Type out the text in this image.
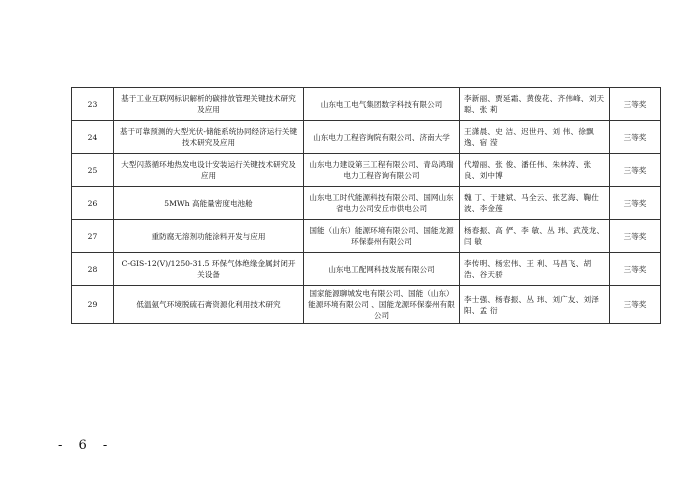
23	基于工业互联网标识解析的碳排放管理关键技术研究及应用	山东电工电气集团数字科技有限公司	李新丽、贾延霜、黄俊花、齐伟峰、刘天聪、张 莉	三等奖
24	基于可靠预测的大型光伏-储能系统协同经济运行关键技术研究及应用	山东电力工程咨询院有限公司、济南大学	王潇晨、史 洁、迟世丹、刘 伟、徐飘逸、宿 滢	三等奖
25	大型闪蒸循环地热发电设计安装运行关键技术研究及应用	山东电力建设第三工程有限公司、青岛鸿瑞电力工程咨询有限公司	代增丽、张 俊、潘任伟、朱林涛、张 良、刘中博	三等奖
26	5MWh 高能量密度电池舱	山东电工时代能源科技有限公司、国网山东省电力公司安丘市供电公司	魏 丁、于建斌、马全云、张艺海、鞠仕波、李金莲	三等奖
27	重防腐无溶剂功能涂料开发与应用	国能（山东）能源环境有限公司、国能龙源环保泰州有限公司	杨春振、高 俨、李 敏、丛 玮、武茂龙、闫 敏	三等奖
28	C-GIS-12(V)/1250-31.5 环保气体绝缘金属封闭开关设备	山东电工配网科技发展有限公司	李传明、杨宏伟、王 利、马昌飞、胡 浩、谷天骄	三等奖
29	低温氨气环境脱硫石膏资源化利用技术研究	国家能源聊城发电有限公司、国能（山东）能源环境有限公司 、国能龙源环保泰州有限公司	李士强、杨春振、丛 玮、刘广友、刘泽阳、孟 衍	三等奖
- 6 -
